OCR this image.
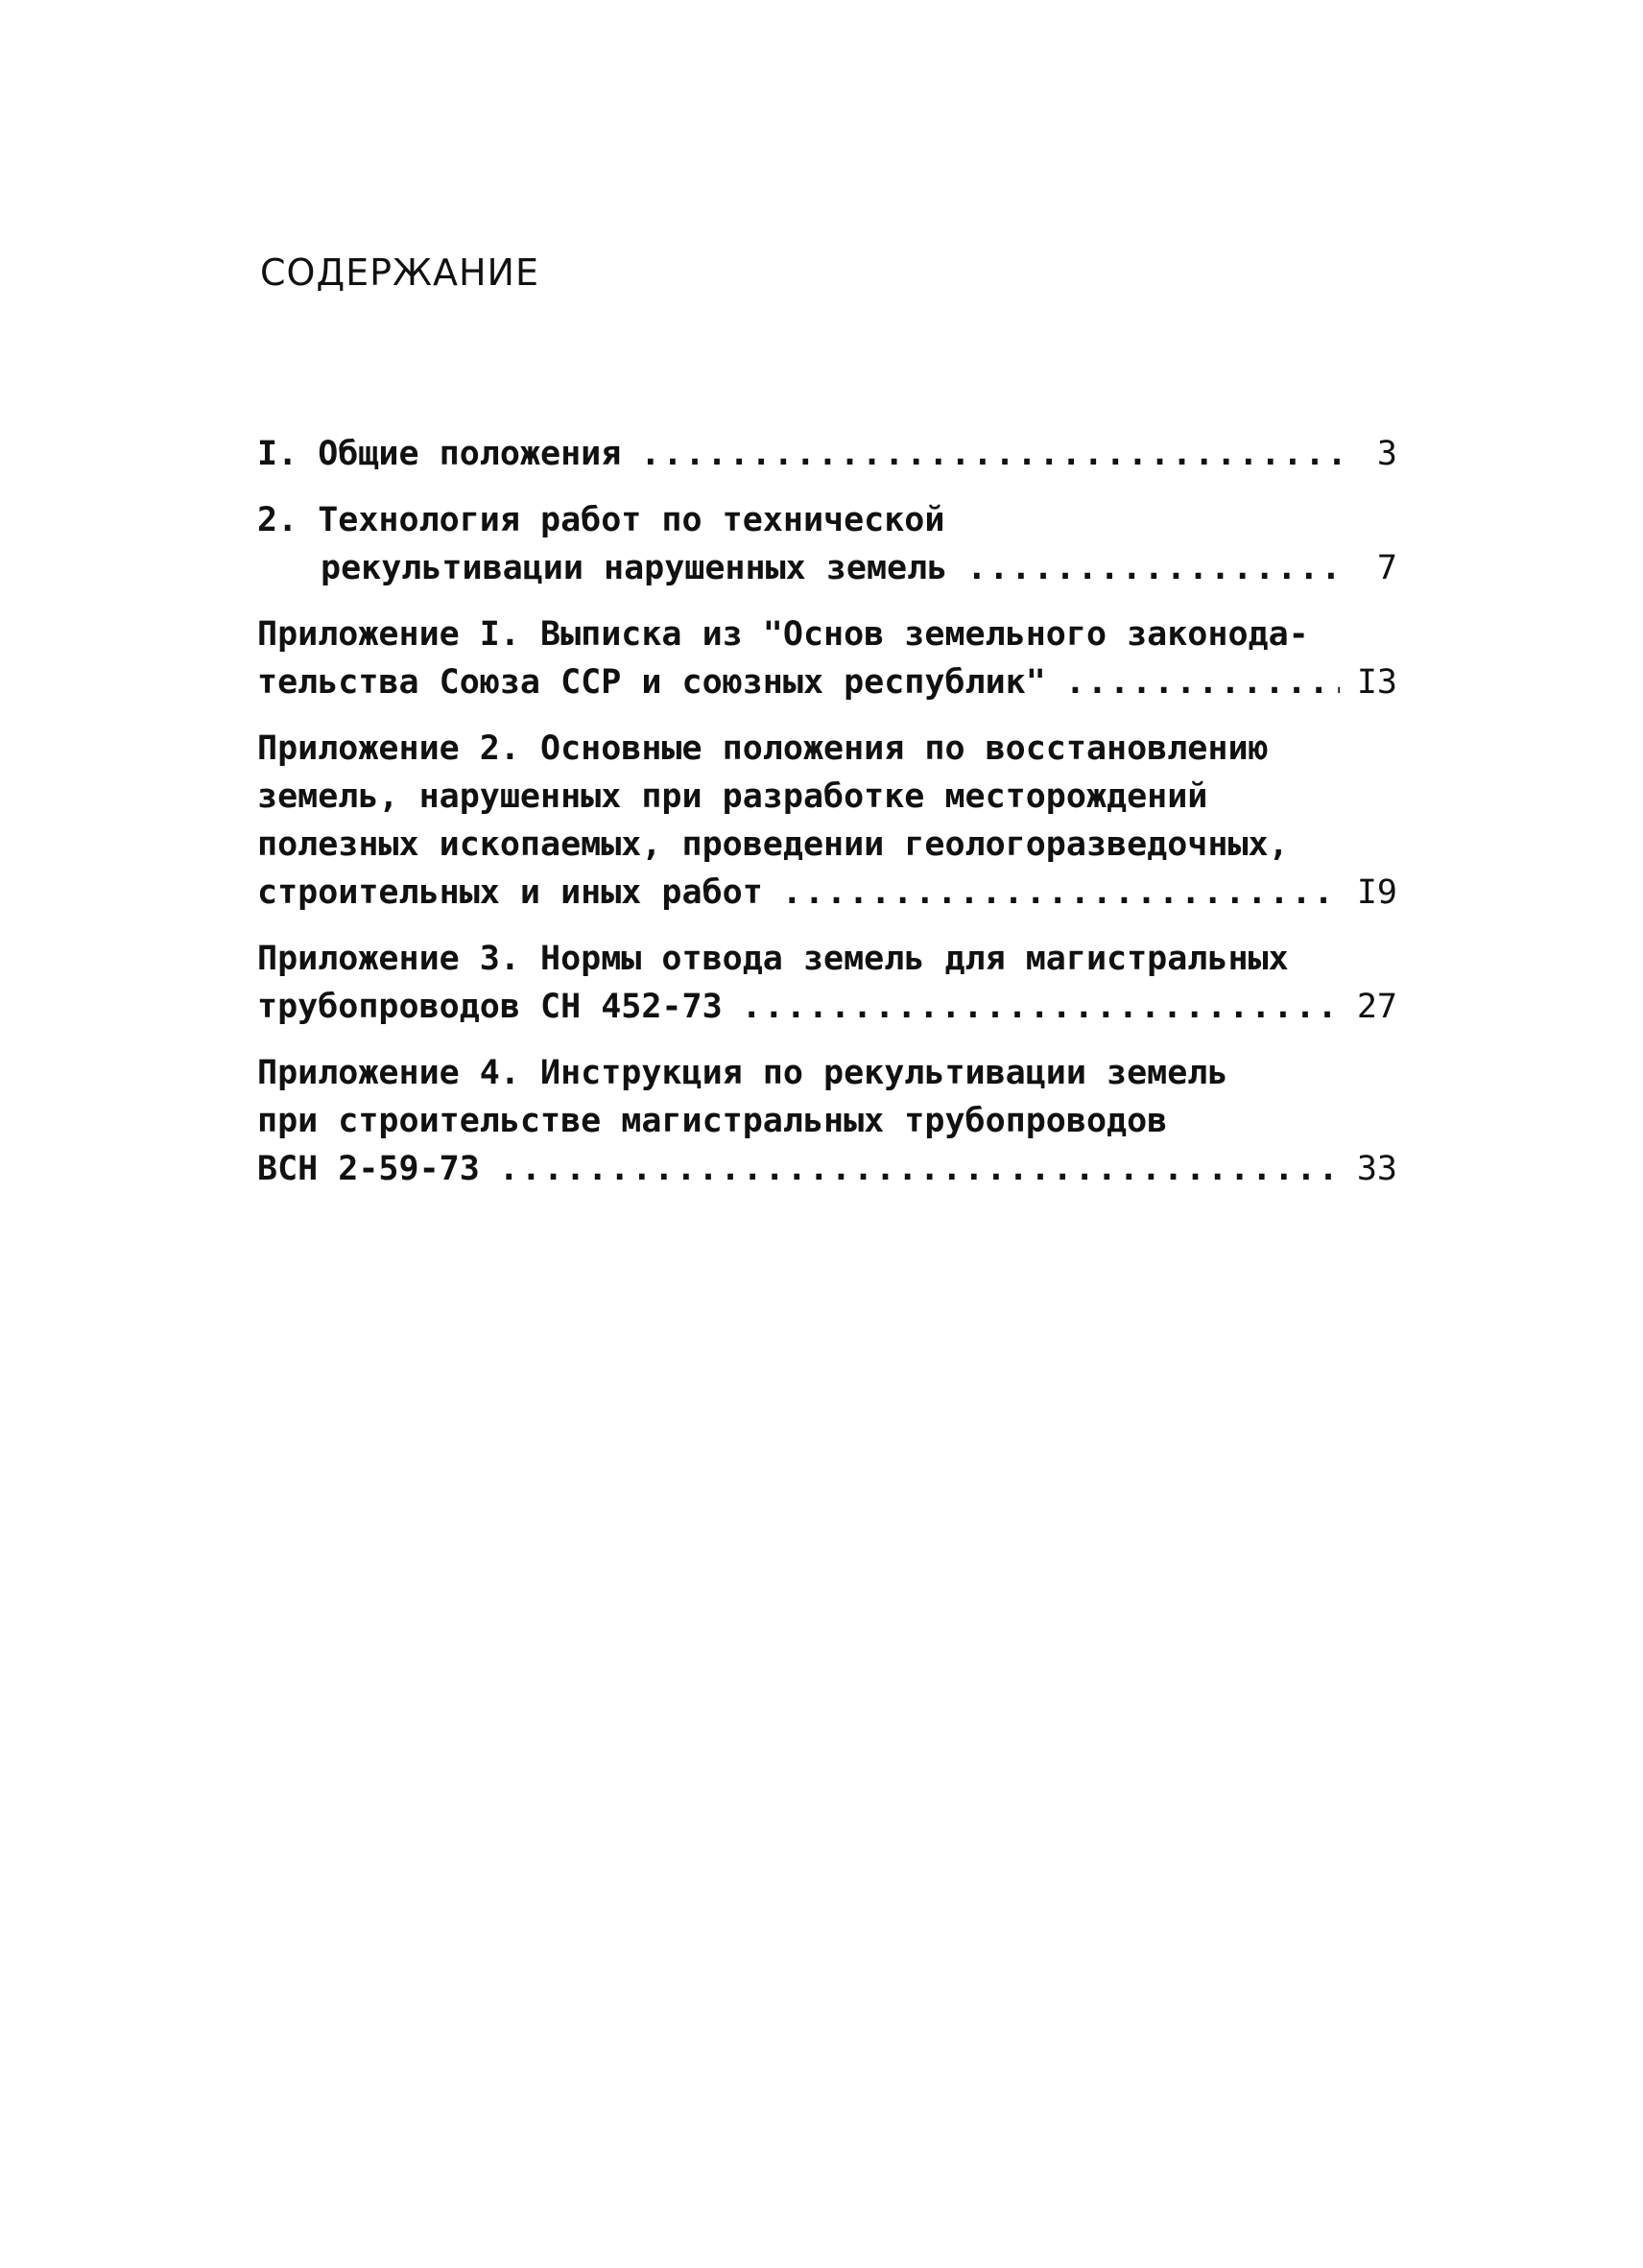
СОДЕРЖАНИЕ
I. Общие положения .....	3
2. Технология работ по технической
рекультивации нарушенных земель .....	7
Приложение I. Выписка из "Основ земельного законода-
тельства Союза ССР и союзных республик" .....	I3
Приложение 2. Основные положения по восстановлению
земель, нарушенных при разработке месторождений
полезных ископаемых, проведении геологоразведочных,
строительных и иных работ .....	I9
Приложение 3. Нормы отвода земель для магистральных
трубопроводов СН 452-73 .....	27
Приложение 4. Инструкция по рекультивации земель
при строительстве магистральных трубопроводов
ВСН 2-59-73 .....	33
